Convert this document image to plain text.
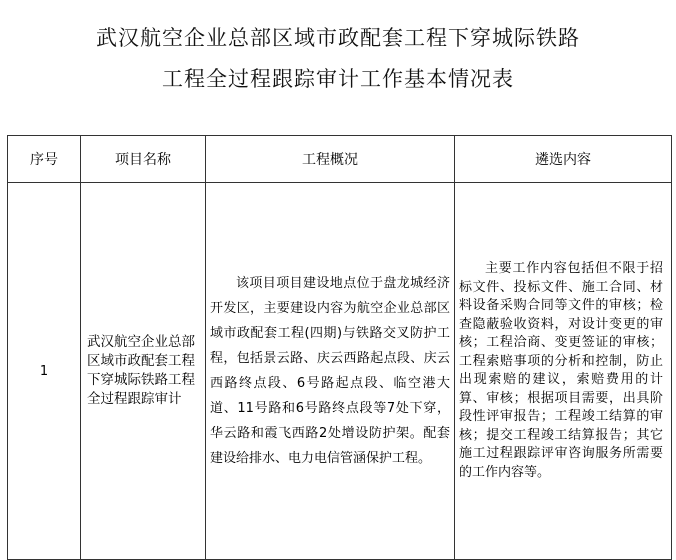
武汉航空企业总部区域市政配套工程下穿城际铁路
工程全过程跟踪审计工作基本情况表
序号	项目名称	工程概况	遴选内容
1	武汉航空企业总部区域市政配套工程下穿城际铁路工程全过程跟踪审计	该项目项目建设地点位于盘龙城经济开发区，主要建设内容为航空企业总部区域市政配套工程(四期)与铁路交叉防护工程，包括景云路、庆云西路起点段、庆云西路终点段、6号路起点段、临空港大道、11号路和6号路终点段等7处下穿，华云路和霞飞西路2处增设防护架。配套建设给排水、电力电信管涵保护工程。	主要工作内容包括但不限于招标文件、投标文件、施工合同、材料设备采购合同等文件的审核；检查隐蔽验收资料，对设计变更的审核；工程洽商、变更签证的审核；工程索赔事项的分析和控制，防止出现索赔的建议，索赔费用的计算、审核；根据项目需要，出具阶段性评审报告；工程竣工结算的审核；提交工程竣工结算报告；其它施工过程跟踪评审咨询服务所需要的工作内容等。
